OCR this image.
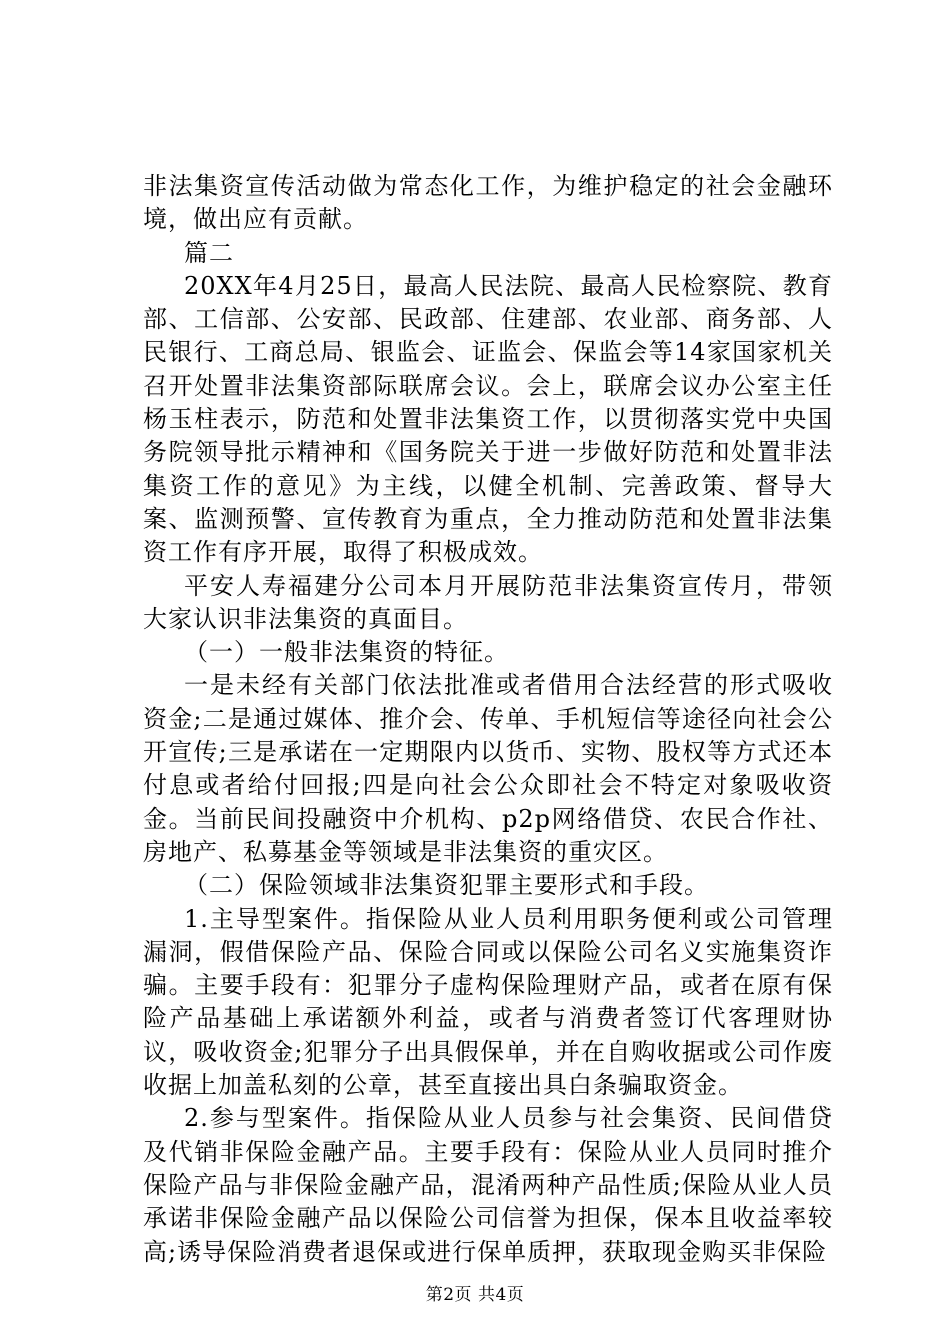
非法集资宣传活动做为常态化工作，为维护稳定的社会金融环境，做出应有贡献。

篇二

20XX年4月25日，最高人民法院、最高人民检察院、教育部、工信部、公安部、民政部、住建部、农业部、商务部、人民银行、工商总局、银监会、证监会、保监会等14家国家机关召开处置非法集资部际联席会议。会上，联席会议办公室主任杨玉柱表示，防范和处置非法集资工作，以贯彻落实党中央国务院领导批示精神和《国务院关于进一步做好防范和处置非法集资工作的意见》为主线，以健全机制、完善政策、督导大案、监测预警、宣传教育为重点，全力推动防范和处置非法集资工作有序开展，取得了积极成效。

平安人寿福建分公司本月开展防范非法集资宣传月，带领大家认识非法集资的真面目。

（一）一般非法集资的特征。

一是未经有关部门依法批准或者借用合法经营的形式吸收资金;二是通过媒体、推介会、传单、手机短信等途径向社会公开宣传;三是承诺在一定期限内以货币、实物、股权等方式还本付息或者给付回报;四是向社会公众即社会不特定对象吸收资金。当前民间投融资中介机构、p2p网络借贷、农民合作社、房地产、私募基金等领域是非法集资的重灾区。

（二）保险领域非法集资犯罪主要形式和手段。

1.主导型案件。指保险从业人员利用职务便利或公司管理漏洞，假借保险产品、保险合同或以保险公司名义实施集资诈骗。主要手段有：犯罪分子虚构保险理财产品，或者在原有保险产品基础上承诺额外利益，或者与消费者签订代客理财协议，吸收资金;犯罪分子出具假保单，并在自购收据或公司作废收据上加盖私刻的公章，甚至直接出具白条骗取资金。

2.参与型案件。指保险从业人员参与社会集资、民间借贷及代销非保险金融产品。主要手段有：保险从业人员同时推介保险产品与非保险金融产品，混淆两种产品性质;保险从业人员承诺非保险金融产品以保险公司信誉为担保，保本且收益率较高;诱导保险消费者退保或进行保单质押，获取现金购买非保险

第2页 共4页
